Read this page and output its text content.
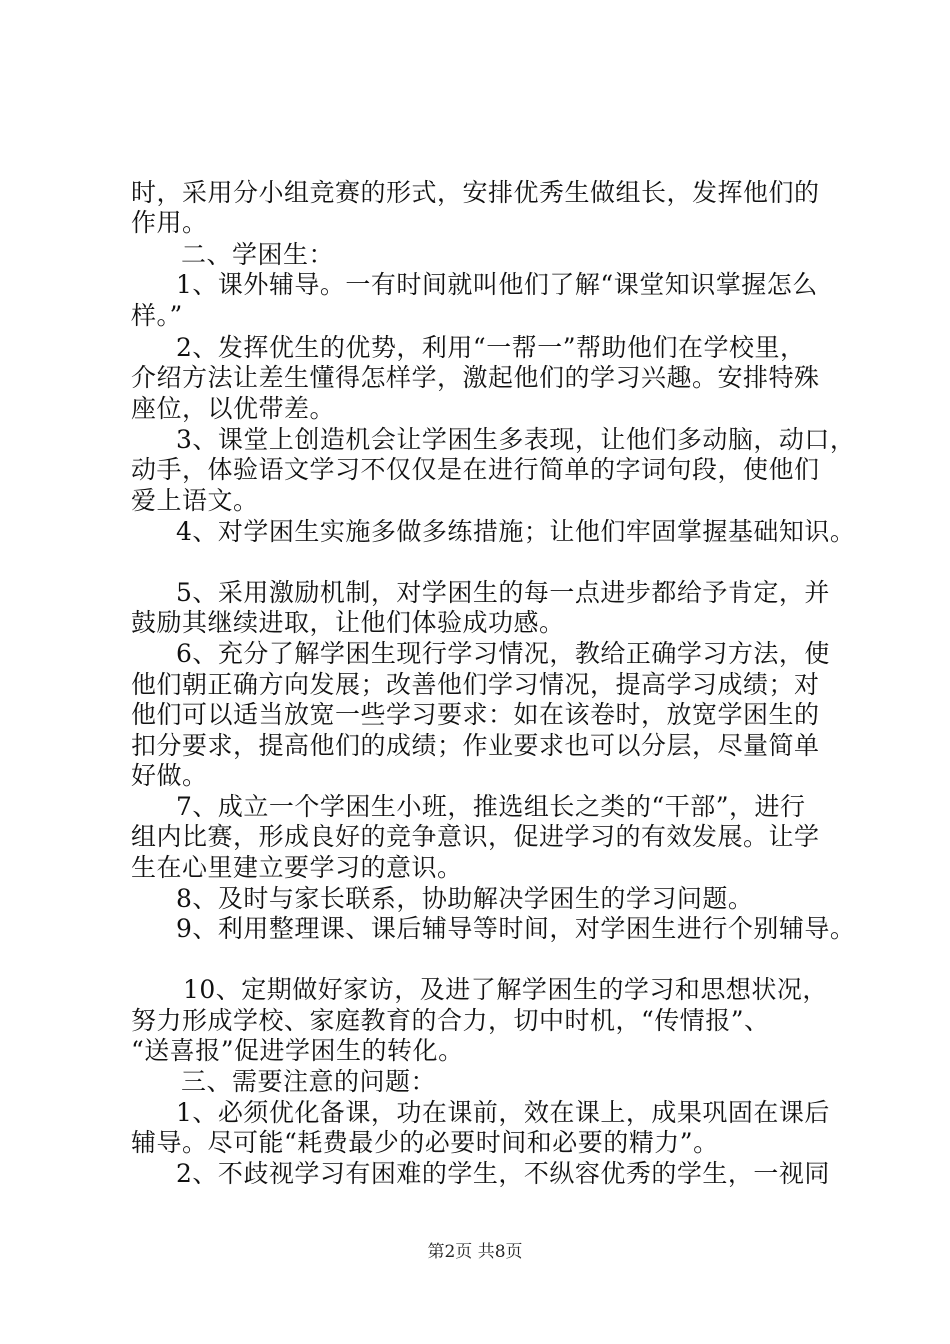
时，采用分小组竞赛的形式，安排优秀生做组长，发挥他们的
作用。
二、学困生：
1、课外辅导。一有时间就叫他们了解“课堂知识掌握怎么
样。”
2、发挥优生的优势，利用“一帮一”帮助他们在学校里，
介绍方法让差生懂得怎样学，激起他们的学习兴趣。安排特殊
座位，以优带差。
3、课堂上创造机会让学困生多表现，让他们多动脑，动口，
动手，体验语文学习不仅仅是在进行简单的字词句段，使他们
爱上语文。
4、对学困生实施多做多练措施；让他们牢固掌握基础知识。
5、采用激励机制，对学困生的每一点进步都给予肯定，并
鼓励其继续进取，让他们体验成功感。
6、充分了解学困生现行学习情况，教给正确学习方法，使
他们朝正确方向发展；改善他们学习情况，提高学习成绩；对
他们可以适当放宽一些学习要求：如在该卷时，放宽学困生的
扣分要求，提高他们的成绩；作业要求也可以分层，尽量简单
好做。
7、成立一个学困生小班，推选组长之类的“干部”，进行
组内比赛，形成良好的竞争意识，促进学习的有效发展。让学
生在心里建立要学习的意识。
8、及时与家长联系，协助解决学困生的学习问题。
9、利用整理课、课后辅导等时间，对学困生进行个别辅导。
10、定期做好家访，及进了解学困生的学习和思想状况，
努力形成学校、家庭教育的合力，切中时机，“传情报”、
“送喜报”促进学困生的转化。
三、需要注意的问题：
1、必须优化备课，功在课前，效在课上，成果巩固在课后
辅导。尽可能“耗费最少的必要时间和必要的精力”。
2、不歧视学习有困难的学生，不纵容优秀的学生，一视同
第2页 共8页
